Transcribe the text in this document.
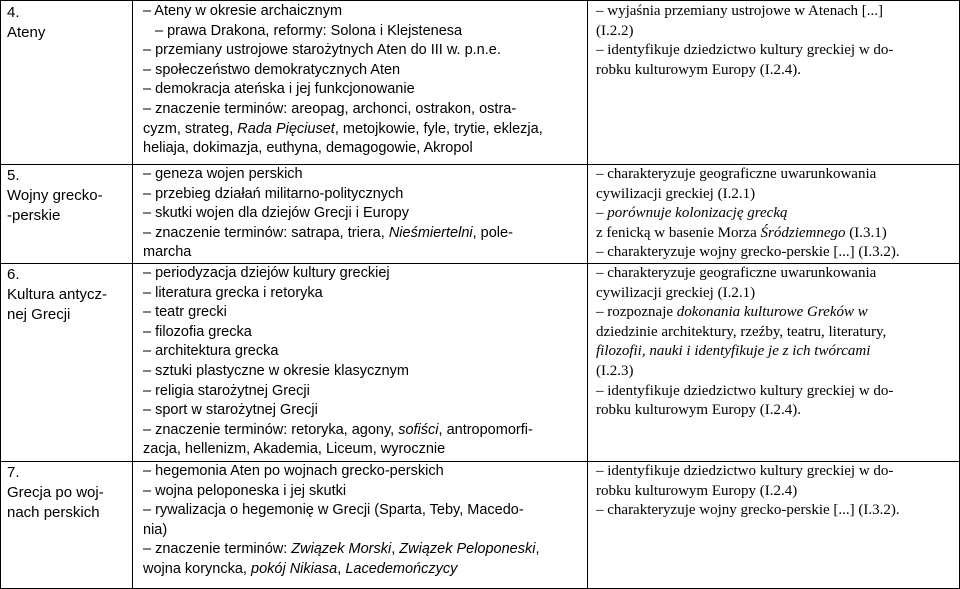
4.
Ateny
5.
Wojny grecko-
-perskie
6.
Kultura antycz-
nej Grecji
7.
Grecja po woj-
nach perskich
– Ateny w okresie archaicznym
– prawa Drakona, reformy: Solona i Klejstenesa
– przemiany ustrojowe starożytnych Aten do III w. p.n.e.
– społeczeństwo demokratycznych Aten
– demokracja ateńska i jej funkcjonowanie
– znaczenie terminów: areopag, archonci, ostrakon, ostra-
cyzm, strateg, Rada Pięciuset, metojkowie, fyle, trytie, eklezja,
heliaja, dokimazja, euthyna, demagogowie, Akropol
– geneza wojen perskich
– przebieg działań militarno-politycznych
– skutki wojen dla dziejów Grecji i Europy
– znaczenie terminów: satrapa, triera, Nieśmiertelni, pole-
marcha
– periodyzacja dziejów kultury greckiej
– literatura grecka i retoryka
– teatr grecki
– filozofia grecka
– architektura grecka
– sztuki plastyczne w okresie klasycznym
– religia starożytnej Grecji
– sport w starożytnej Grecji
– znaczenie terminów: retoryka, agony, sofiści, antropomorfi-
zacja, hellenizm, Akademia, Liceum, wyrocznie
– hegemonia Aten po wojnach grecko-perskich
– wojna peloponeska i jej skutki
– rywalizacja o hegemonię w Grecji (Sparta, Teby, Macedo-
nia)
– znaczenie terminów: Związek Morski, Związek Peloponeski,
wojna koryncka, pokój Nikiasa, Lacedemończycy
– wyjaśnia przemiany ustrojowe w Atenach [...]
(I.2.2)
– identyfikuje dziedzictwo kultury greckiej w do-
robku kulturowym Europy (I.2.4).
– charakteryzuje geograficzne uwarunkowania
cywilizacji greckiej (I.2.1)
– porównuje kolonizację grecką
z fenicką w basenie Morza Śródziemnego (I.3.1)
– charakteryzuje wojny grecko-perskie [...] (I.3.2).
– charakteryzuje geograficzne uwarunkowania
cywilizacji greckiej (I.2.1)
– rozpoznaje dokonania kulturowe Greków w
dziedzinie architektury, rzeźby, teatru, literatury,
filozofii, nauki i identyfikuje je z ich twórcami
(I.2.3)
– identyfikuje dziedzictwo kultury greckiej w do-
robku kulturowym Europy (I.2.4).
– identyfikuje dziedzictwo kultury greckiej w do-
robku kulturowym Europy (I.2.4)
– charakteryzuje wojny grecko-perskie [...] (I.3.2).
